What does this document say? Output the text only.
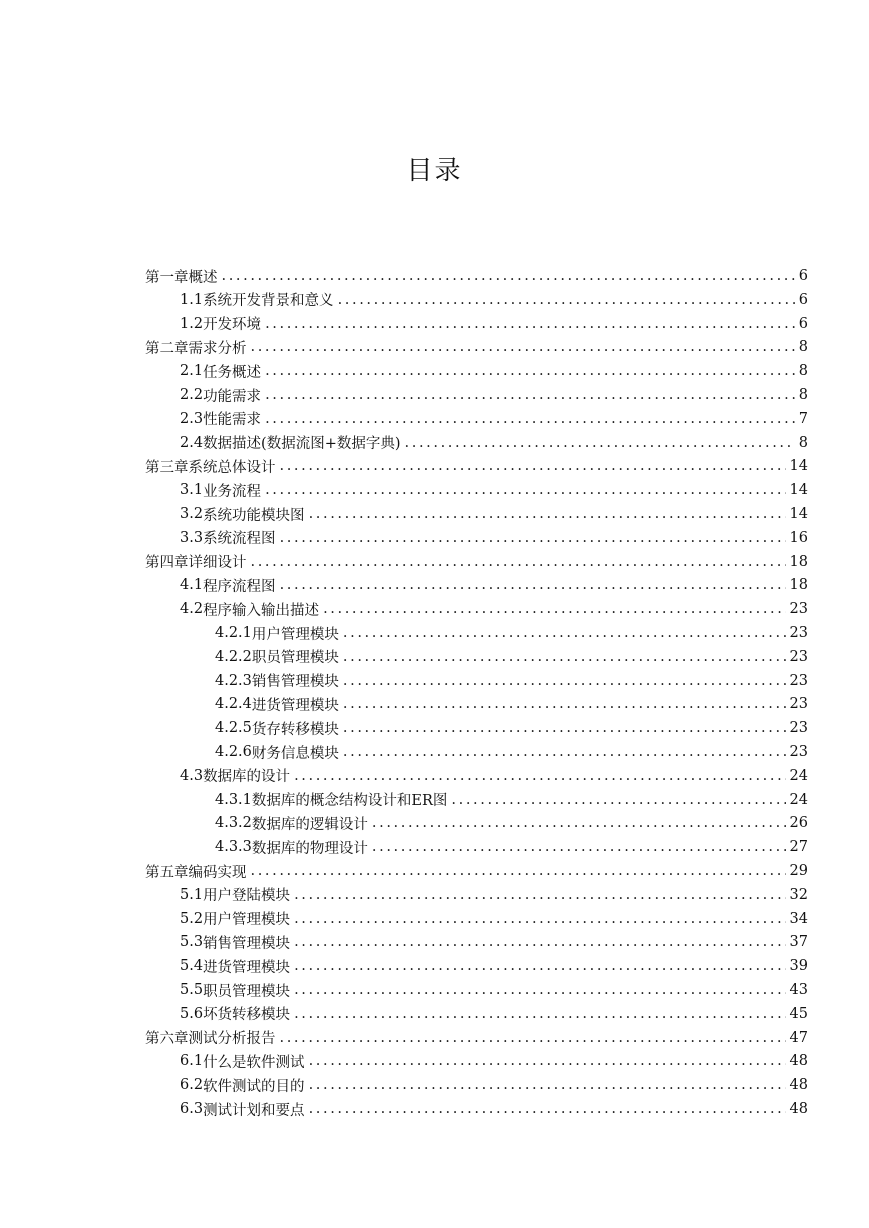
目录
第一章 概述 .....	6
1.1 系统开发背景和意义 .....	6
1.2 开发环境 .....	6
第二章 需求分析 .....	8
2.1 任务概述 .....	8
2.2 功能需求 .....	8
2.3 性能需求 .....	7
2.4 数据描述(数据流图+数据字典) .....	8
第三章 系统总体设计 .....	14
3.1 业务流程 .....	14
3.2 系统功能模块图 .....	14
3.3 系统流程图 .....	16
第四章 详细设计 .....	18
4.1 程序流程图 .....	18
4.2 程序输入输出描述 .....	23
4.2.1 用户管理模块 .....	23
4.2.2 职员管理模块 .....	23
4.2.3 销售管理模块 .....	23
4.2.4 进货管理模块 .....	23
4.2.5 货存转移模块 .....	23
4.2.6 财务信息模块 .....	23
4.3 数据库的设计 .....	24
4.3.1 数据库的概念结构设计和ER图 .....	24
4.3.2 数据库的逻辑设计 .....	26
4.3.3 数据库的物理设计 .....	27
第五章 编码实现 .....	29
5.1 用户登陆模块 .....	32
5.2 用户管理模块 .....	34
5.3 销售管理模块 .....	37
5.4 进货管理模块 .....	39
5.5 职员管理模块 .....	43
5.6 坏货转移模块 .....	45
第六章 测试分析报告 .....	47
6.1 什么是软件测试 .....	48
6.2 软件测试的目的 .....	48
6.3 测试计划和要点 .....	48
